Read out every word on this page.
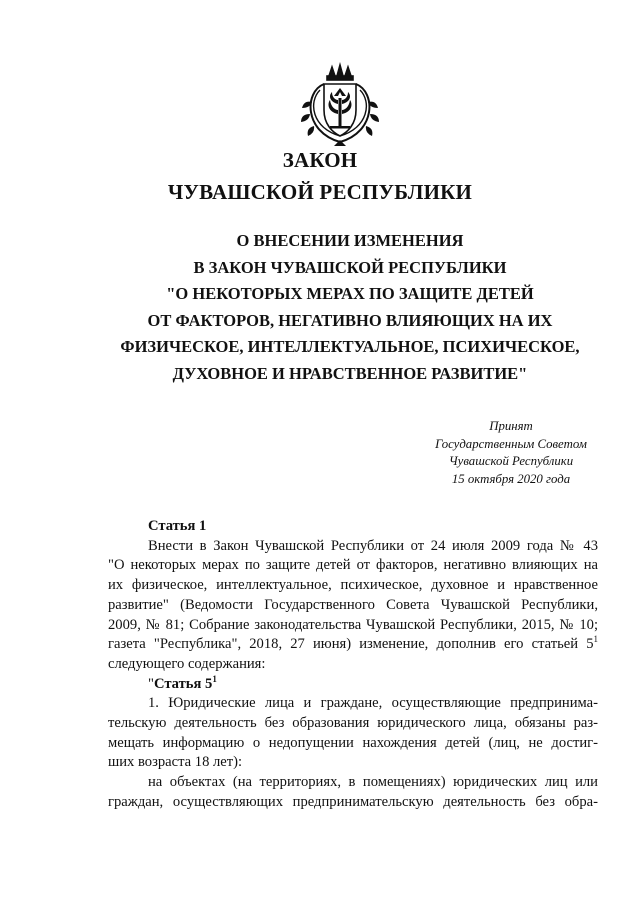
ЗАКОН
ЧУВАШСКОЙ РЕСПУБЛИКИ
О ВНЕСЕНИИ ИЗМЕНЕНИЯ
В ЗАКОН ЧУВАШСКОЙ РЕСПУБЛИКИ
"О НЕКОТОРЫХ МЕРАХ ПО ЗАЩИТЕ ДЕТЕЙ
ОТ ФАКТОРОВ, НЕГАТИВНО ВЛИЯЮЩИХ НА ИХ
ФИЗИЧЕСКОЕ, ИНТЕЛЛЕКТУАЛЬНОЕ, ПСИХИЧЕСКОЕ,
ДУХОВНОЕ И НРАВСТВЕННОЕ РАЗВИТИЕ"
Принят
Государственным Советом
Чувашской Республики
15 октября 2020 года
Статья 1
Внести в Закон Чувашской Республики от 24 июля 2009 года № 43
"О некоторых мерах по защите детей от факторов, негативно влияющих на
их физическое, интеллектуальное, психическое, духовное и нравственное
развитие" (Ведомости Государственного Совета Чувашской Республики,
2009, № 81; Собрание законодательства Чувашской Республики, 2015, № 10;
газета "Республика", 2018, 27 июня) изменение, дополнив его статьей $5^1$
следующего содержания:
"Статья $5^1$
1. Юридические лица и граждане, осуществляющие предпринима-
тельскую деятельность без образования юридического лица, обязаны раз-
мещать информацию о недопущении нахождения детей (лиц, не достиг-
ших возраста 18 лет):
на объектах (на территориях, в помещениях) юридических лиц или
граждан, осуществляющих предпринимательскую деятельность без обра-
